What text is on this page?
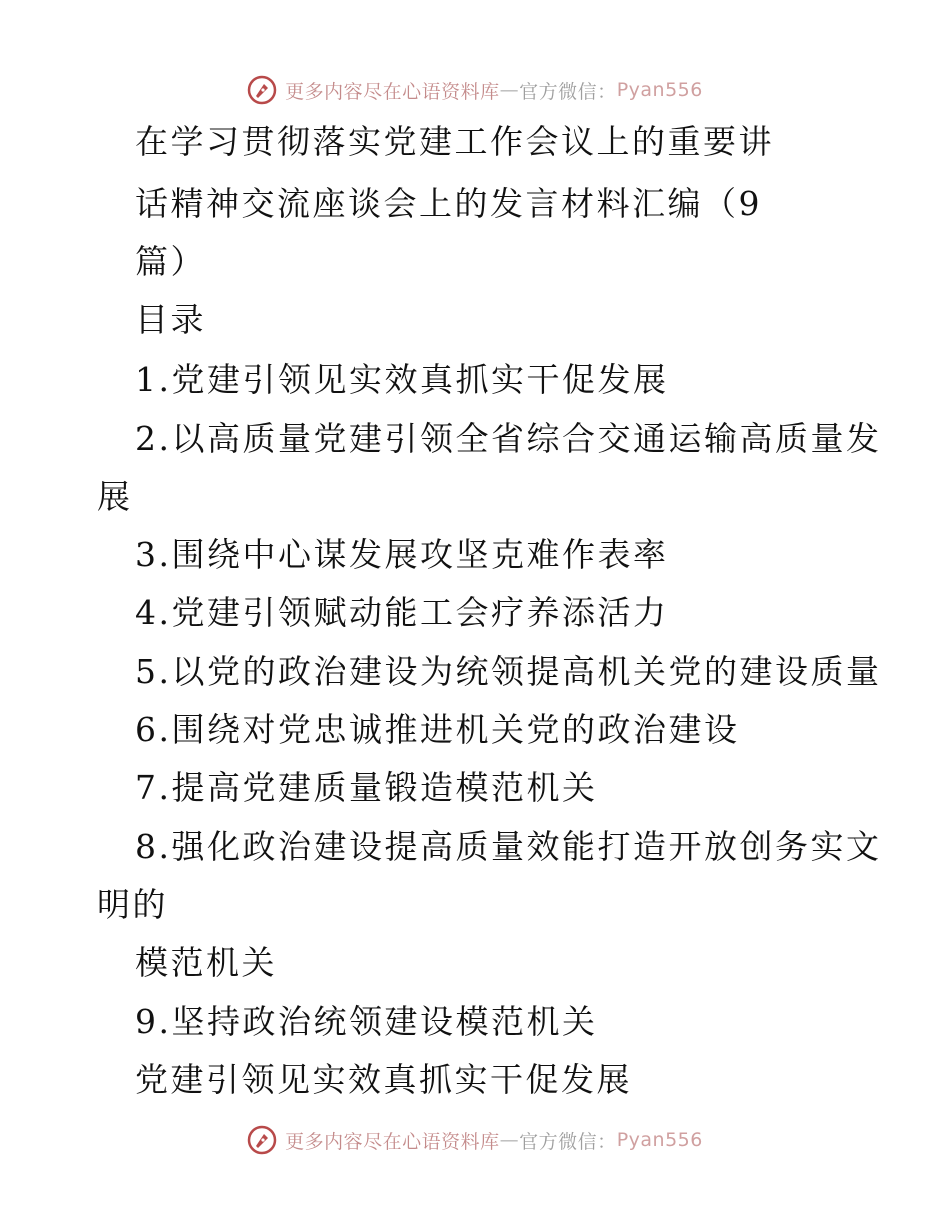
更多内容尽在心语资料库 — 官方微信： Pyan556
在学习贯彻落实党建工作会议上的重要讲
话精神交流座谈会上的发言材料汇编（9
篇）
目录
1.党建引领见实效真抓实干促发展
2.以高质量党建引领全省综合交通运输高质量发
展
3.围绕中心谋发展攻坚克难作表率
4.党建引领赋动能工会疗养添活力
5.以党的政治建设为统领提高机关党的建设质量
6.围绕对党忠诚推进机关党的政治建设
7.提高党建质量锻造模范机关
8.强化政治建设提高质量效能打造开放创务实文
明的
模范机关
9.坚持政治统领建设模范机关
党建引领见实效真抓实干促发展
更多内容尽在心语资料库 — 官方微信： Pyan556
